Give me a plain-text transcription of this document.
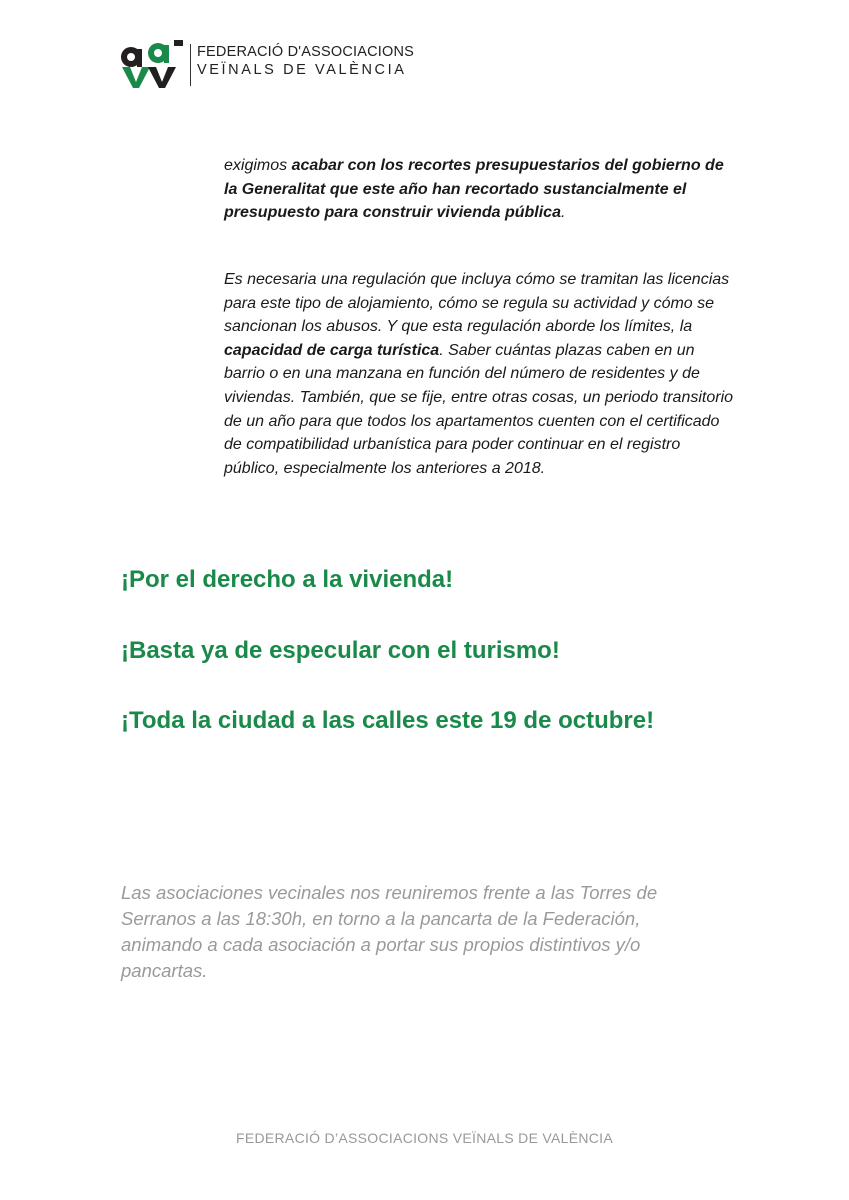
FEDERACIÓ D'ASSOCIACIONS
VEÏNALS DE VALÈNCIA

exigimos acabar con los recortes presupuestarios del gobierno de la Generalitat que este año han recortado sustancialmente el presupuesto para construir vivienda pública.

Es necesaria una regulación que incluya cómo se tramitan las licencias para este tipo de alojamiento, cómo se regula su actividad y cómo se sancionan los abusos. Y que esta regulación aborde los límites, la capacidad de carga turística. Saber cuántas plazas caben en un barrio o en una manzana en función del número de residentes y de viviendas. También, que se fije, entre otras cosas, un periodo transitorio de un año para que todos los apartamentos cuenten con el certificado de compatibilidad urbanística para poder continuar en el registro público, especialmente los anteriores a 2018.

¡Por el derecho a la vivienda!
¡Basta ya de especular con el turismo!
¡Toda la ciudad a las calles este 19 de octubre!

Las asociaciones vecinales nos reuniremos frente a las Torres de Serranos a las 18:30h, en torno a la pancarta de la Federación, animando a cada asociación a portar sus propios distintivos y/o pancartas.

FEDERACIÓ D’ASSOCIACIONS VEÏNALS DE VALÈNCIA
